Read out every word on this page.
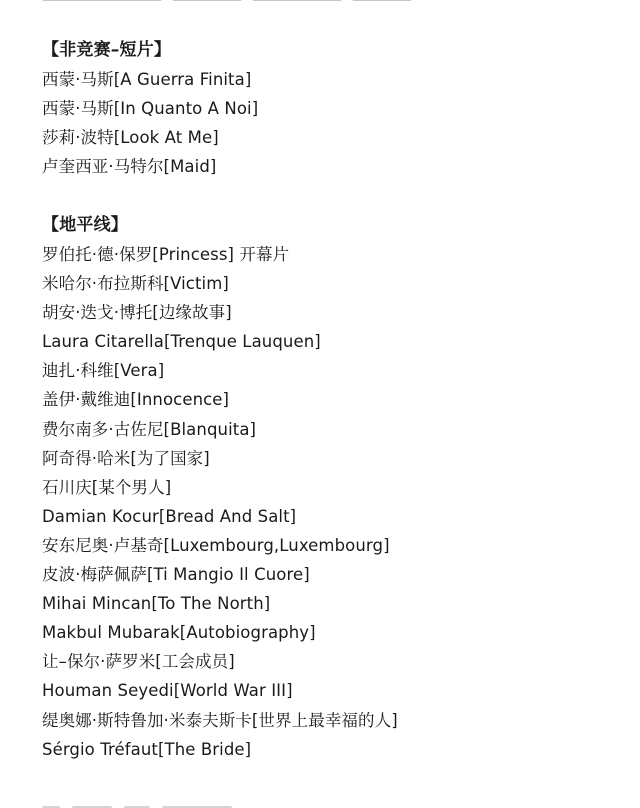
【非竞赛–短片】
西蒙·马斯[A Guerra Finita]
西蒙·马斯[In Quanto A Noi]
莎莉·波特[Look At Me]
卢奎西亚·马特尔[Maid]
【地平线】
罗伯托·德·保罗[Princess] 开幕片
米哈尔·布拉斯科[Victim]
胡安·迭戈·博托[边缘故事]
Laura Citarella[Trenque Lauquen]
迪扎·科维[Vera]
盖伊·戴维迪[Innocence]
费尔南多·古佐尼[Blanquita]
阿奇得·哈米[为了国家]
石川庆[某个男人]
Damian Kocur[Bread And Salt]
安东尼奥·卢基奇[Luxembourg,Luxembourg]
皮波·梅萨佩萨[Ti Mangio Il Cuore]
Mihai Mincan[To The North]
Makbul Mubarak[Autobiography]
让–保尔·萨罗米[工会成员]
Houman Seyedi[World War III]
缇奥娜·斯特鲁加·米泰夫斯卡[世界上最幸福的人]
Sérgio Tréfaut[The Bride]
